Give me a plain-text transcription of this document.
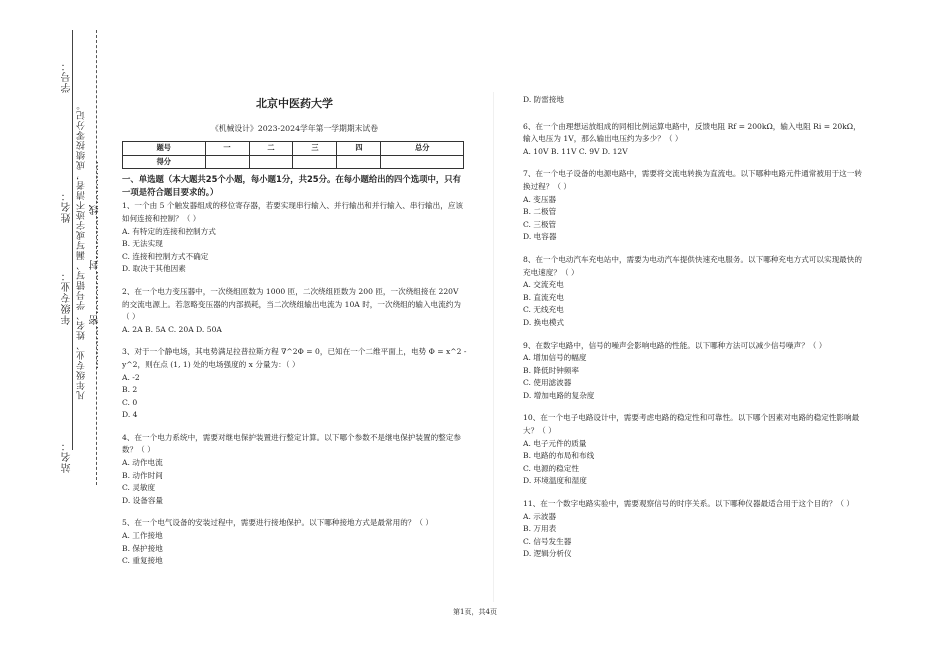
…………密…………封…………线…………
学号：
姓名：
年级专业：
站名：
凡年级专业、姓名、学号错写、漏写或字迹不清者，成绩按零分记。	北京中医药大学
《机械设计》2023-2024学年第一学期期末试卷
题号	一	二	三	四	总分
得分					
一、单选题（本大题共25个小题，每小题1分，共25分。在每小题给出的四个选项中，只有一项是符合题目要求的。）
1、一个由 5 个触发器组成的移位寄存器，若要实现串行输入、并行输出和并行输入、串行输出，应该如何连接和控制？（ ）
A. 有特定的连接和控制方式
B. 无法实现
C. 连接和控制方式不确定
D. 取决于其他因素
2、在一个电力变压器中，一次绕组匝数为 1000 匝，二次绕组匝数为 200 匝，一次绕组接在 220V 的交流电源上。若忽略变压器的内部损耗，当二次绕组输出电流为 10A 时，一次绕组的输入电流约为（ ）
A. 2A B. 5A C. 20A D. 50A
3、对于一个静电场，其电势满足拉普拉斯方程 ∇^2Φ = 0，已知在一个二维平面上，电势 Φ = x^2 - y^2，则在点 (1, 1) 处的电场强度的 x 分量为：（ ）
A. -2
B. 2
C. 0
D. 4
4、在一个电力系统中，需要对继电保护装置进行整定计算。以下哪个参数不是继电保护装置的整定参数？（ ）
A. 动作电流
B. 动作时间
C. 灵敏度
D. 设备容量
5、在一个电气设备的安装过程中，需要进行接地保护。以下哪种接地方式是最常用的？（ ）
A. 工作接地
B. 保护接地
C. 重复接地
D. 防雷接地
6、在一个由理想运放组成的同相比例运算电路中，反馈电阻 Rf = 200kΩ，输入电阻 Ri = 20kΩ，输入电压为 1V，那么输出电压约为多少？（ ）
A. 10V B. 11V C. 9V D. 12V
7、在一个电子设备的电源电路中，需要将交流电转换为直流电。以下哪种电路元件通常被用于这一转换过程？（ ）
A. 变压器
B. 二极管
C. 三极管
D. 电容器
8、在一个电动汽车充电站中，需要为电动汽车提供快速充电服务。以下哪种充电方式可以实现最快的充电速度？（ ）
A. 交流充电
B. 直流充电
C. 无线充电
D. 换电模式
9、在数字电路中，信号的噪声会影响电路的性能。以下哪种方法可以减少信号噪声？（ ）
A. 增加信号的幅度
B. 降低时钟频率
C. 使用滤波器
D. 增加电路的复杂度
10、在一个电子电路设计中，需要考虑电路的稳定性和可靠性。以下哪个因素对电路的稳定性影响最大？（ ）
A. 电子元件的质量
B. 电路的布局和布线
C. 电源的稳定性
D. 环境温度和湿度
11、在一个数字电路实验中，需要观察信号的时序关系。以下哪种仪器最适合用于这个目的？（ ）
A. 示波器
B. 万用表
C. 信号发生器
D. 逻辑分析仪
第1页，共4页
